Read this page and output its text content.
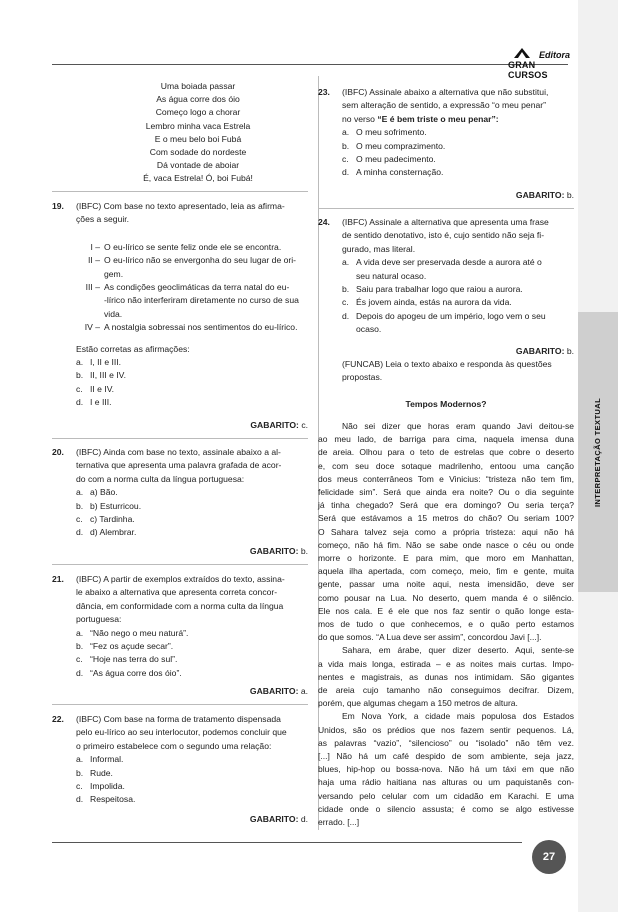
Editora
GRAN CURSOS
INTERPRETAÇÃO TEXTUAL
Uma boiada passar
As água corre dos óio
Começo logo a chorar
Lembro minha vaca Estrela
E o meu belo boi Fubá
Com sodade do nordeste
Dá vontade de aboiar
É, vaca Estrela! Ó, boi Fubá!
19. (IBFC) Com base no texto apresentado, leia as afirma-
ções a seguir.
I – O eu-lírico se sente feliz onde ele se encontra.
II – O eu-lírico não se envergonha do seu lugar de ori-
gem.
III – As condições geoclimáticas da terra natal do eu-
-lírico não interferiram diretamente no curso de sua
vida.
IV – A nostalgia sobressai nos sentimentos do eu-lírico.
Estão corretas as afirmações:
a. I, II e III.
b. II, III e IV.
c. II e IV.
d. I e III.
GABARITO: c.
20. (IBFC) Ainda com base no texto, assinale abaixo a al-
ternativa que apresenta uma palavra grafada de acor-
do com a norma culta da língua portuguesa:
a. a) Bão.
b. b) Esturricou.
c. c) Tardinha.
d. d) Alembrar.
GABARITO: b.
21. (IBFC) A partir de exemplos extraídos do texto, assina-
le abaixo a alternativa que apresenta correta concor-
dância, em conformidade com a norma culta da língua
portuguesa:
a. “Não nego o meu naturá”.
b. “Fez os açude secar”.
c. “Hoje nas terra do sul”.
d. “As água corre dos óio”.
GABARITO: a.
22. (IBFC) Com base na forma de tratamento dispensada
pelo eu-lírico ao seu interlocutor, podemos concluir que
o primeiro estabelece com o segundo uma relação:
a. Informal.
b. Rude.
c. Impolida.
d. Respeitosa.
GABARITO: d.
23. (IBFC) Assinale abaixo a alternativa que não substitui,
sem alteração de sentido, a expressão “o meu penar”
no verso “E é bem triste o meu penar”:
a. O meu sofrimento.
b. O meu comprazimento.
c. O meu padecimento.
d. A minha consternação.
GABARITO: b.
24. (IBFC) Assinale a alternativa que apresenta uma frase
de sentido denotativo, isto é, cujo sentido não seja fi-
gurado, mas literal.
a. A vida deve ser preservada desde a aurora até o
seu natural ocaso.
b. Saiu para trabalhar logo que raiou a aurora.
c. És jovem ainda, estás na aurora da vida.
d. Depois do apogeu de um império, logo vem o seu
ocaso.
GABARITO: b.
(FUNCAB) Leia o texto abaixo e responda às questões
propostas.
Tempos Modernos?
Não sei dizer que horas eram quando Javi deitou-se
ao meu lado, de barriga para cima, naquela imensa duna
de areia. Olhou para o teto de estrelas que cobre o deserto
e, com seu doce sotaque madrilenho, entoou uma canção
dos meus conterrâneos Tom e Vinicius: “tristeza não tem fim,
felicidade sim”. Será que ainda era noite? Ou o dia seguinte
já tinha chegado? Será que era domingo? Ou seria terça?
Será que estávamos a 15 metros do chão? Ou seriam 100?
O Sahara talvez seja como a própria tristeza: aqui não há
começo, não há fim. Não se sabe onde nasce o céu ou onde
morre o horizonte. E para mim, que moro em Manhattan,
aquela ilha apertada, com começo, meio, fim e gente, muita
gente, passar uma noite aqui, nesta imensidão, deve ser
como pousar na Lua. No deserto, quem manda é o silêncio.
Ele nos cala. E é ele que nos faz sentir o quão longe esta-
mos de tudo o que conhecemos, e o quão perto estamos
do que somos. “A Lua deve ser assim”, concordou Javi [...].
Sahara, em árabe, quer dizer deserto. Aqui, sente-se
a vida mais longa, estirada – e as noites mais curtas. Impo-
nentes e magistrais, as dunas nos intimidam. São gigantes
de areia cujo tamanho não conseguimos decifrar. Dizem,
porém, que algumas chegam a 150 metros de altura.
Em Nova York, a cidade mais populosa dos Estados
Unidos, são os prédios que nos fazem sentir pequenos. Lá,
as palavras “vazio”, “silencioso” ou “isolado” não têm vez.
[...] Não há um café despido de som ambiente, seja jazz,
blues, hip-hop ou bossa-nova. Não há um táxi em que não
haja uma rádio haitiana nas alturas ou um paquistanês con-
versando pelo celular com um cidadão em Karachi. E uma
cidade onde o silencio assusta; é como se algo estivesse
errado. [...]
27
